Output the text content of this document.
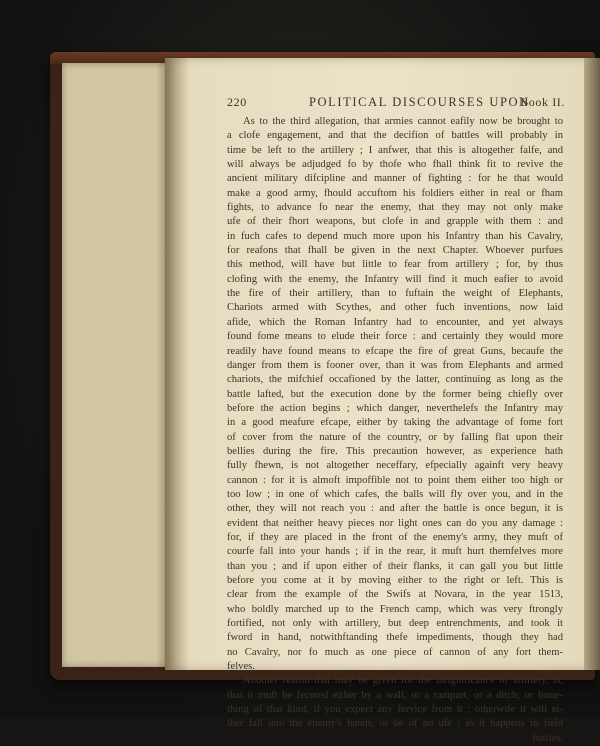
220	POLITICAL DISCOURSES UPON
Book II.
As to the third allegation, that armies cannot eafily now be brought to
a clofe engagement, and that the decifion of battles will probably in
time be left to the artillery ; I anfwer, that this is altogether falfe, and
will always be adjudged fo by thofe who fhall think fit to revive the
ancient military difcipline and manner of fighting : for he that would
make a good army, fhould accuftom his foldiers either in real or fham
fights, to advance fo near the enemy, that they may not only make
ufe of their fhort weapons, but clofe in and grapple with them : and
in fuch cafes to depend much more upon his Infantry than his Cavalry,
for reafons that fhall be given in the next Chapter. Whoever purfues
this method, will have but little to fear from artillery ; for, by thus
clofing with the enemy, the Infantry will find it much eafier to avoid
the fire of their artillery, than to fuftain the weight of Elephants,
Chariots armed with Scythes, and other fuch inventions, now laid
afide, which the Roman Infantry had to encounter, and yet always
found fome means to elude their force : and certainly they would more
readily have found means to efcape the fire of great Guns, becaufe the
danger from them is fooner over, than it was from Elephants and armed
chariots, the mifchief occafioned by the latter, continuing as long as the
battle lafted, but the execution done by the former being chiefly over
before the action begins ; which danger, neverthelefs the Infantry may
in a good meafure efcape, either by taking the advantage of fome fort
of cover from the nature of the country, or by falling flat upon their
bellies during the fire. This precaution however, as experience hath
fully fhewn, is not altogether neceffary, efpecially againft very heavy
cannon : for it is almoft impoffible not to point them either too high or
too low ; in one of which cafes, the balls will fly over you, and in the
other, they will not reach you : and after the battle is once begun, it is
evident that neither heavy pieces nor light ones can do you any damage :
for, if they are placed in the front of the enemy's army, they muft of
courfe fall into your hands ; if in the rear, it muft hurt themfelves more
than you ; and if upon either of their flanks, it can gall you but little
before you come at it by moving either to the right or left. This is
clear from the example of the Swifs at Novara, in the year 1513,
who boldly marched up to the French camp, which was very ftrongly
fortified, not only with artillery, but deep entrenchments, and took it
fword in hand, notwithftanding thefe impediments, though they had
no Cavalry, nor fo much as one piece of cannon of any fort them-
felves.
Another reafon that may be given for the infignificance of artillery, is,
that it muft be fecured either by a wall, or a rampart, or a ditch, or fome-
thing of that kind, if you expect any fervice from it ; otherwife it will ei-
ther fall into the enemy's hands, or be of no ufe : as it happens in field
battles,
